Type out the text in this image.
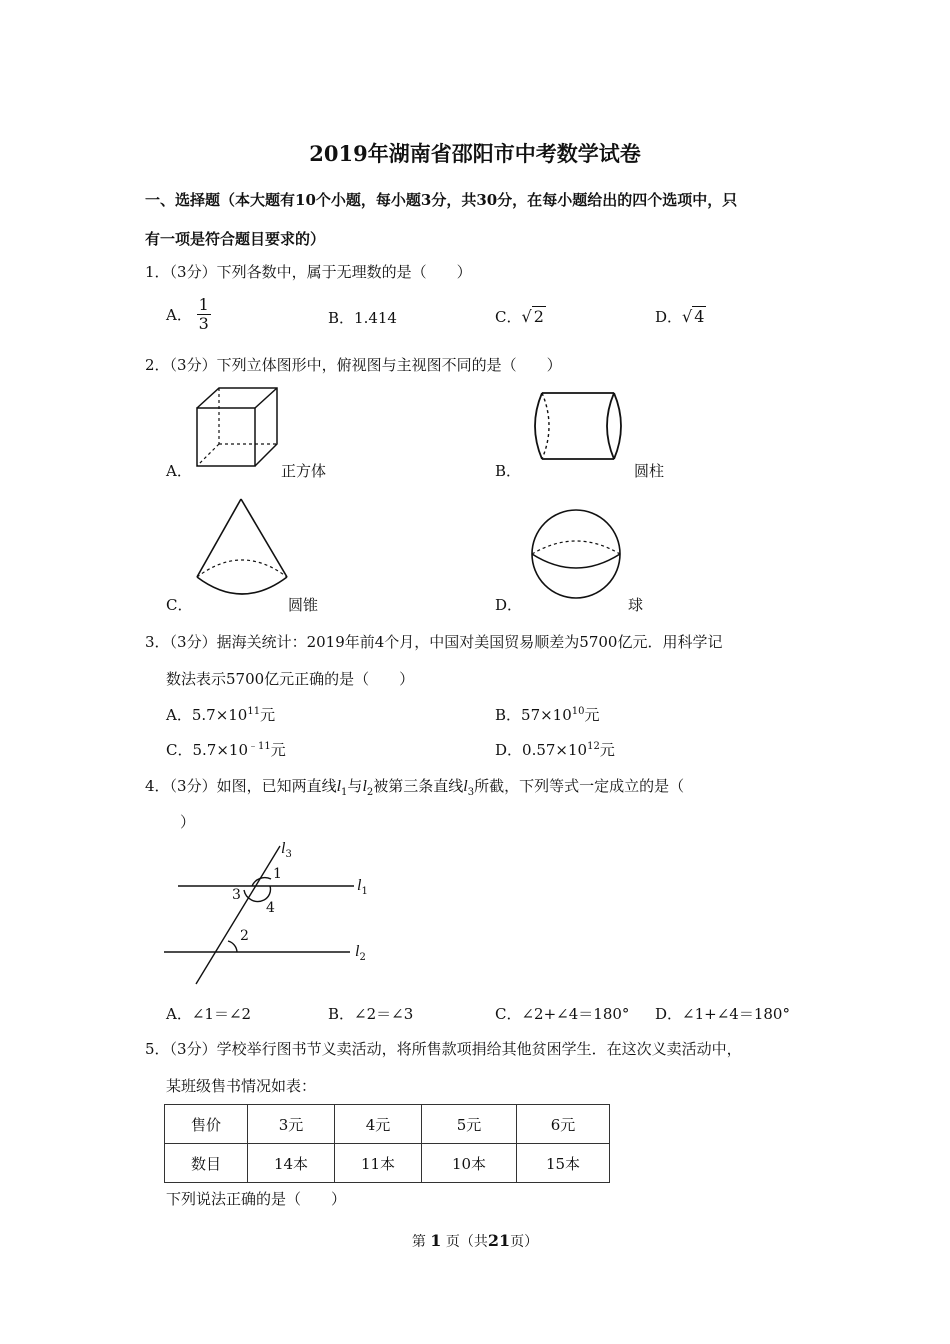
2019年湖南省邵阳市中考数学试卷
一、选择题（本大题有10个小题，每小题3分，共30分，在每小题给出的四个选项中，只
有一项是符合题目要求的）
1．（3分）下列各数中，属于无理数的是（　　）
A． $\frac{1}{3}$	B．1.414	C．√ 2	D．√ 4
2．（3分）下列立体图形中，俯视图与主视图不同的是（　　）
A．	正方体	B．	圆柱
C．	圆锥	D．	球
3．（3分）据海关统计：2019年前4个月，中国对美国贸易顺差为5700亿元．用科学记
数法表示5700亿元正确的是（　　）
A．$5.7\times 10^{11}$元	B．$57\times 10^{10}$元
C．$5.7\times 10^{﹣11}$元	D．$0.57\times 10^{12}$元
4．（3分）如图，已知两直线$l_1$与$l_2$被第三条直线$l_3$所截，下列等式一定成立的是（
）
$l_3$
$l_1$
$l_2$
1
3
4
2
A．∠1＝∠2	B．∠2＝∠3	C．∠2+∠4＝180° D．∠1+∠4＝180°
5．（3分）学校举行图书节义卖活动，将所售款项捐给其他贫困学生．在这次义卖活动中，
某班级售书情况如表：
售价	3元	4元	5元	6元
数目	14本	11本	10本	15本
下列说法正确的是（　　）
第 1 页（共21页）
